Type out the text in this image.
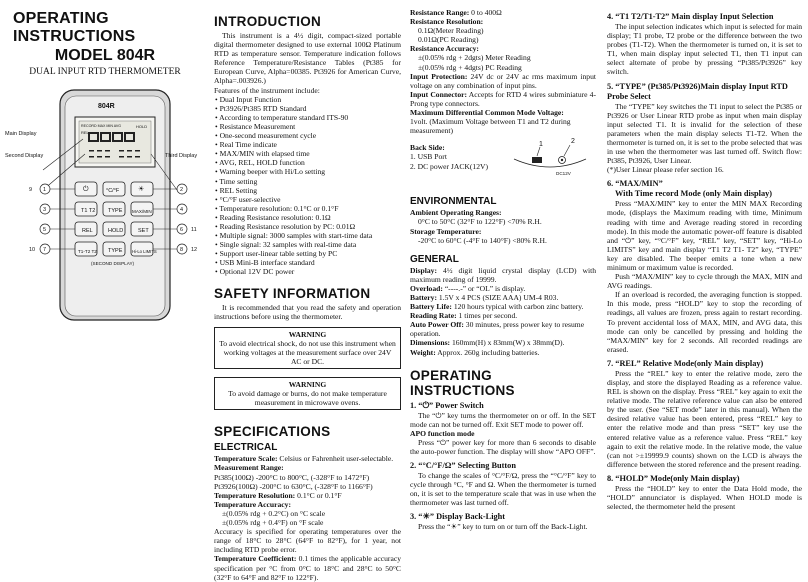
OPERATING INSTRUCTIONS
MODEL 804R
DUAL INPUT RTD THERMOMETER
804R
RECORD MAX MIN AVG	HOLD
REL
Main Display
Second Display	Third Display
⏻	°C/°F	☀
T1 T2 TYPE MAX/MIN
REL	HOLD	SET
T1-T2 T2 TYPE Hi-Lo LIMITS
(SECOND DISPLAY)
1	2
3	4
5	6
7	8
9
10
11
12
INTRODUCTION

This instrument is a 4½ digit, compact-sized portable digital thermometer designed to use external 100Ω Platinum RTD as temperature sensor. Temperature indication follows Reference Temperature/Resistance Tables (Pt385 for European Curve, Alpha=00385. Pt3926 for American Curve, Alpha=.003926.)

Features of the instrument include:

• Dual Input Function
• Pt3926/Pt385 RTD Standard
• According to temperature standard ITS-90
• Resistance Measurement
• One-second measurement cycle
• Real Time indicate
• MAX/MIN with elapsed time
• AVG, REL, HOLD function
• Warning beeper with Hi/Lo setting
• Time setting
• REL Setting
• °C/°F user-selective
• Temperature resolution: 0.1°C or 0.1°F
• Reading Resistance resolution: 0.1Ω
• Reading Resistance resolution by PC: 0.01Ω
• Multiple signal: 3000 samples with start-time data
• Single signal: 32 samples with real-time data
• Support user-linear table setting by PC
• USB Mini-B interface standard
• Optional 12V DC power
SAFETY INFORMATION

It is recommended that you read the safety and operation instructions before using the thermometer.

WARNING
To avoid electrical shock, do not use this instrument when working voltages at the measurement surface over 24V AC or DC.
WARNING
To avoid damage or burns, do not make temperature measurement in microwave ovens.
SPECIFICATIONS
ELECTRICAL

Temperature Scale: Celsius or Fahrenheit user-selectable.

Measurement Range:

Pt385(100Ω) -200°C to 800°C, (-328°F to 1472°F)

Pt3926(100Ω) -200°C to 630°C, (-328°F to 1166°F)

Temperature Resolution: 0.1°C or 0.1°F

Temperature Accuracy:

±(0.05% rdg + 0.2°C) on °C scale

±(0.05% rdg + 0.4°F) on °F scale

Accuracy is specified for operating temperatures over the range of 18°C to 28°C (64°F to 82°F), for 1 year, not including RTD probe error.

Temperature Coefficient: 0.1 times the applicable accuracy specification per °C from 0°C to 18°C and 28°C to 50°C (32°F to 64°F and 82°F to 122°F).

Resistance Range: 0 to 400Ω

Resistance Resolution:

0.1Ω(Meter Reading)

0.01Ω(PC Reading)

Resistance Accuracy:

±(0.05% rdg + 2dgts) Meter Reading

±(0.05% rdg + 4dgts) PC Reading

Input Protection: 24V dc or 24V ac rms maximum input voltage on any combination of input pins.

Input Connector: Accepts for RTD 4 wires subminiature 4-Prong type connectors.

Maximum Differential Common Mode Voltage:

1volt. (Maximum Voltage between T1 and T2 during measurement)

Back Side:

1. USB Port

2. DC power JACK(12V)

1	2
DC12V
ENVIRONMENTAL

Ambient Operating Ranges:

0°C to 50°C (32°F to 122°F) <70% R.H.

Storage Temperature:

-20°C to 60°C (-4°F to 140°F) <80% R.H.

GENERAL

Display: 4½ digit liquid crystal display (LCD) with maximum reading of 19999.

Overload: “----.-” or “OL” is display.

Battery: 1.5V x 4 PCS (SIZE AAA) UM-4 R03.

Battery Life: 120 hours typical with carbon zinc battery.

Reading Rate: 1 times per second.

Auto Power Off: 30 minutes, press power key to resume operation.

Dimensions: 160mm(H) x 83mm(W) x 38mm(D).

Weight: Approx. 260g including batteries.

OPERATING INSTRUCTIONS

1. “⏻” Power Switch

The “⏻” key turns the thermometer on or off. In the SET mode can not be turned off. Exit SET mode to power off.

APO function mode

Press “⏻” power key for more than 6 seconds to disable the auto-power function. The display will show “APO OFF”.

2. “°C/°F/Ω” Selecting Button

To change the scales of °C/°F/Ω, press the “°C/°F” key to cycle through °C, °F and Ω. When the thermometer is turned on, it is set to the temperature scale that was in use when the thermometer was last turned off.

3. “☀” Display Back-Light

Press the “☀” key to turn on or turn off the Back-Light.

4. “T1 T2/T1-T2” Main display Input Selection

The input selection indicates which input is selected for main display; T1 probe, T2 probe or the difference between the two probes (T1-T2). When the thermometer is turned on, it is set to T1, when main display input selected T1, then T1 input can select alternate of probe by pressing “Pt385/Pt3926” key switch.

5. “TYPE” (Pt385/Pt3926)Main display Input RTD Probe Select

The “TYPE” key switches the T1 input to select the Pt385 or Pt3926 or User Linear RTD probe as input when main display input selected T1. It is invalid for the selection of these parameters when the main display selects T1-T2. When the thermometer is turned on, it is set to the probe selected that was in use when the thermometer was last turned off. Switch flow: Pt385, Pt3926, User Linear.

(*)User Linear please refer section 16.

6. “MAX/MIN”

With Time record Mode (only Main display)

Press “MAX/MIN” key to enter the MIN MAX Recording mode, (displays the Maximum reading with time, Minimum reading with time and Average reading stored in recording mode). In this mode the automatic power-off feature is disabled and “⏻” key, “°C/°F” key, “REL” key, “SET” key, “Hi-Lo LIMITS” key and main display “T1 T2 T1- T2” key, “TYPE” key are disabled. The beeper emits a tone when a new minimum or maximum value is recorded.

Push “MAX/MIN” key to cycle through the MAX, MIN and AVG readings.

If an overload is recorded, the averaging function is stopped. In this mode, press “HOLD” key to stop the recording of readings, all values are frozen, press again to restart recording. To prevent accidental loss of MAX, MIN, and AVG data, this mode can only be cancelled by pressing and holding the “MAX/MIN” key for 2 seconds. All recorded readings are erased.

7. “REL” Relative Mode(only Main display)

Press the “REL” key to enter the relative mode, zero the display, and store the displayed Reading as a reference value. REL is shown on the display. Press “REL” key again to exit the relative mode. The relative reference value can also be entered by the user. (See “SET mode” later in this manual). When the desired relative value has been entered, press “REL” key to enter the relative mode and than press “SET” key use the entered relative value as a reference value. Press “REL” key again to exit the relative mode. In the relative mode, the value (can not >±19999.9 counts) shown on the LCD is always the difference between the stored reference and the present reading.

8. “HOLD” Mode(only Main display)

Press the “HOLD” key to enter the Data Hold mode, the “HOLD” annunciator is displayed. When HOLD mode is selected, the thermometer held the present
